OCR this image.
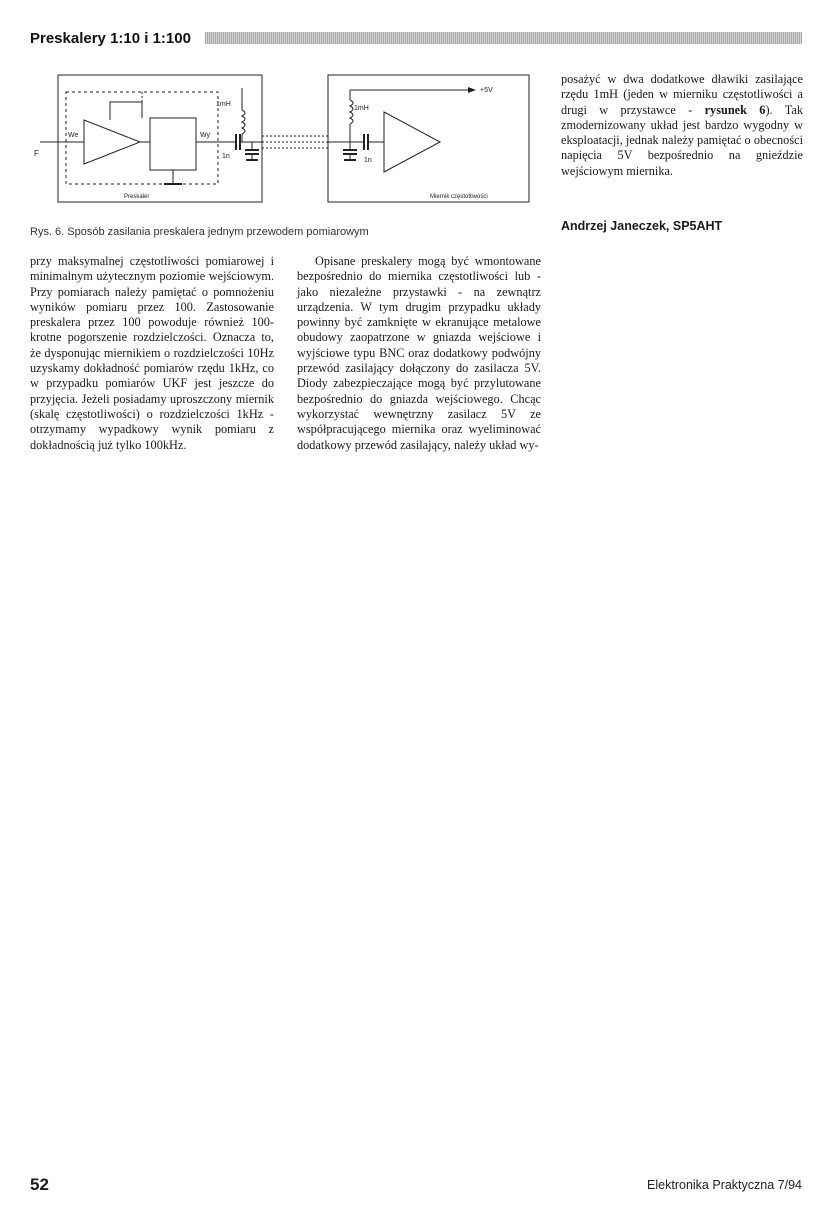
Preskalery 1:10 i 1:100
F
We	Wy
1mH
1n
Preskaler
+5V
1mH
1n
Miernik częstotliwości
Rys. 6. Sposób zasilania preskalera jednym przewodem pomiarowym

przy maksymalnej częstotliwości pomiarowej i minimalnym użytecznym poziomie wejściowym. Przy pomiarach należy pamiętać o pomnożeniu wyników pomiaru przez 100. Zastosowanie preskalera przez 100 powoduje również 100-krotne pogorszenie rozdzielczości. Oznacza to, że dysponując miernikiem o rozdzielczości 10Hz uzyskamy dokładność pomiarów rzędu 1kHz, co w przypadku pomiarów UKF jest jeszcze do przyjęcia. Jeżeli posiadamy uproszczony miernik (skalę częstotliwości) o rozdzielczości 1kHz - otrzymamy wypadkowy wynik pomiaru z dokładnością już tylko 100kHz.

Opisane preskalery mogą być wmontowane bezpośrednio do miernika częstotliwości lub - jako niezależne przystawki - na zewnątrz urządzenia. W tym drugim przypadku układy powinny być zamknięte w ekranujące metalowe obudowy zaopatrzone w gniazda wejściowe i wyjściowe typu BNC oraz dodatkowy podwójny przewód zasilający dołączony do zasilacza 5V. Diody zabezpieczające mogą być przylutowane bezpośrednio do gniazda wejściowego. Chcąc wykorzystać wewnętrzny zasilacz 5V ze współpracującego miernika oraz wyeliminować dodatkowy przewód zasilający, należy układ wy-

posażyć w dwa dodatkowe dławiki zasilające rzędu 1mH (jeden w mierniku częstotliwości a drugi w przystawce - rysunek 6). Tak zmodernizowany układ jest bardzo wygodny w eksploatacji, jednak należy pamiętać o obecności napięcia 5V bezpośrednio na gnieździe wejściowym miernika.

Andrzej Janeczek, SP5AHT
52	Elektronika Praktyczna 7/94
